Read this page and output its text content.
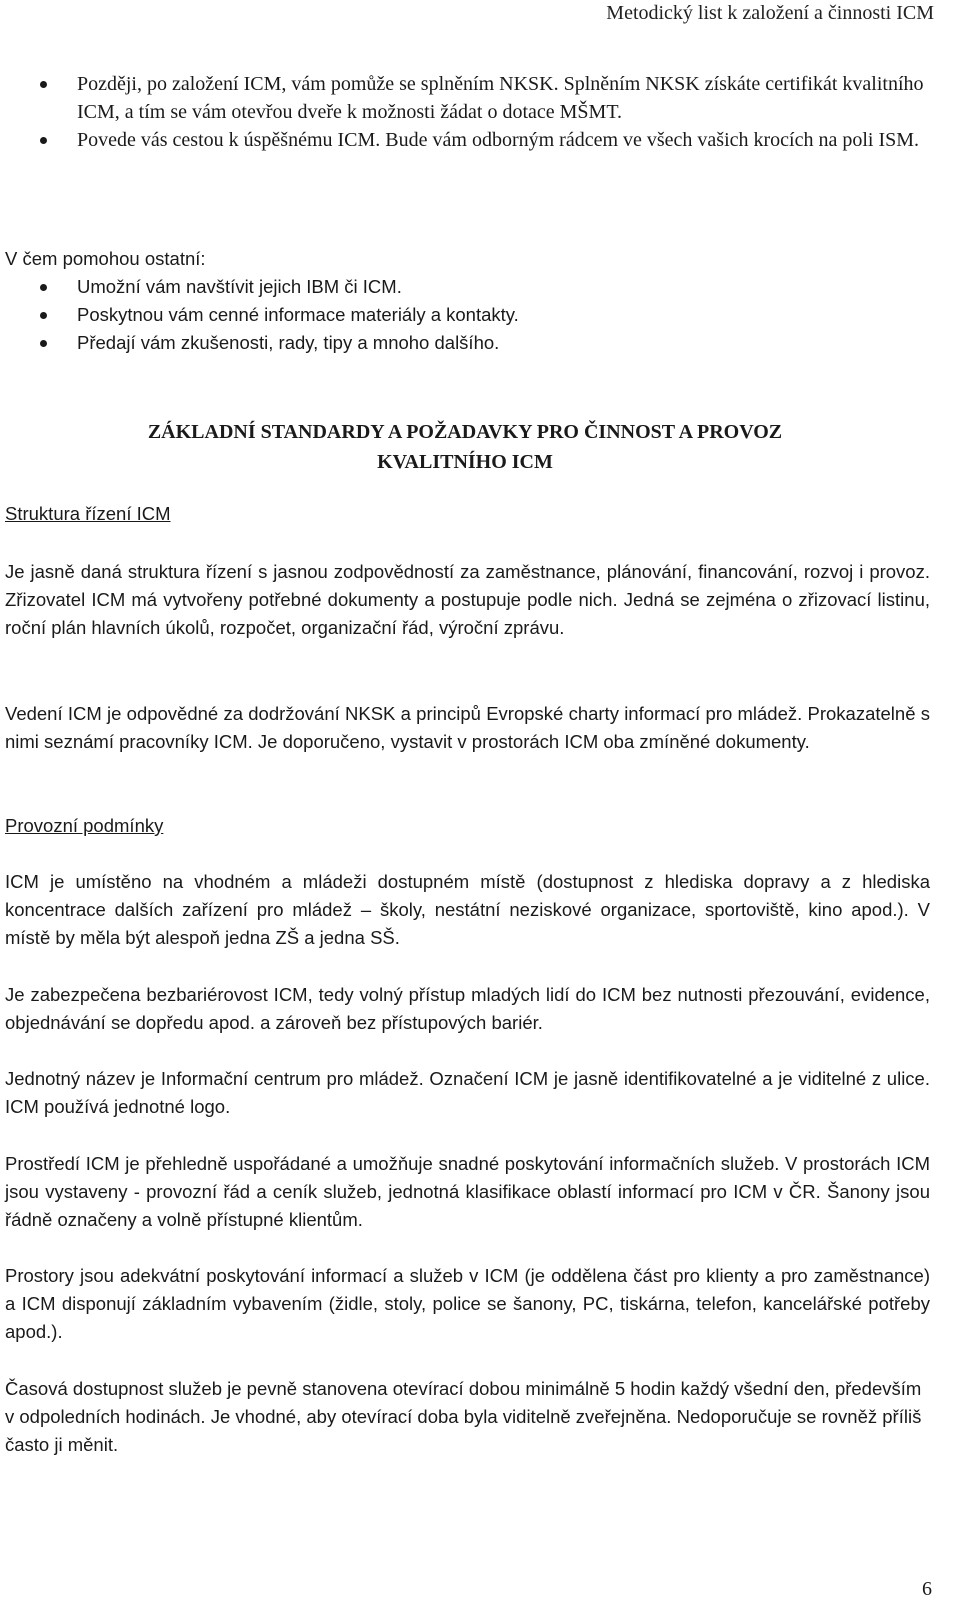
Metodický list k založení a činnosti ICM
Později, po založení ICM, vám pomůže se splněním NKSK. Splněním NKSK získáte certifikát kvalitního ICM, a tím se vám otevřou dveře k možnosti žádat o dotace MŠMT.
Povede vás cestou k úspěšnému ICM. Bude vám odborným rádcem ve všech vašich krocích na poli ISM.
V čem pomohou ostatní:
Umožní vám navštívit jejich IBM či ICM.
Poskytnou vám cenné informace materiály a kontakty.
Předají vám zkušenosti, rady, tipy a mnoho dalšího.
ZÁKLADNÍ STANDARDY A POŽADAVKY PRO ČINNOST A PROVOZ
KVALITNÍHO ICM
Struktura řízení ICM
Je jasně daná struktura řízení s jasnou zodpovědností za zaměstnance, plánování, financování, rozvoj i provoz. Zřizovatel ICM má vytvořeny potřebné dokumenty a postupuje podle nich. Jedná se zejména o zřizovací listinu, roční plán hlavních úkolů, rozpočet, organizační řád, výroční zprávu.
Vedení ICM je odpovědné za dodržování NKSK a principů Evropské charty informací pro mládež. Prokazatelně s nimi seznámí pracovníky ICM. Je doporučeno, vystavit v prostorách ICM oba zmíněné dokumenty.
Provozní podmínky
ICM je umístěno na vhodném a mládeži dostupném místě (dostupnost z hlediska dopravy a z hlediska koncentrace dalších zařízení pro mládež – školy, nestátní neziskové organizace, sportoviště, kino apod.). V místě by měla být alespoň jedna ZŠ a jedna SŠ.
Je zabezpečena bezbariérovost ICM, tedy volný přístup mladých lidí do ICM bez nutnosti přezouvání, evidence, objednávání se dopředu apod. a zároveň bez přístupových bariér.
Jednotný název je Informační centrum pro mládež. Označení ICM je jasně identifikovatelné a je viditelné z ulice. ICM používá jednotné logo.
Prostředí ICM je přehledně uspořádané a umožňuje snadné poskytování informačních služeb. V prostorách ICM jsou vystaveny - provozní řád a ceník služeb, jednotná klasifikace oblastí informací pro ICM v ČR. Šanony jsou řádně označeny a volně přístupné klientům.
Prostory jsou adekvátní poskytování informací a služeb v ICM (je oddělena část pro klienty a pro zaměstnance) a ICM disponují základním vybavením (židle, stoly, police se šanony, PC, tiskárna, telefon, kancelářské potřeby apod.).
Časová dostupnost služeb je pevně stanovena otevírací dobou minimálně 5 hodin každý všední den, především v odpoledních hodinách. Je vhodné, aby otevírací doba byla viditelně zveřejněna. Nedoporučuje se rovněž příliš často ji měnit.
6
